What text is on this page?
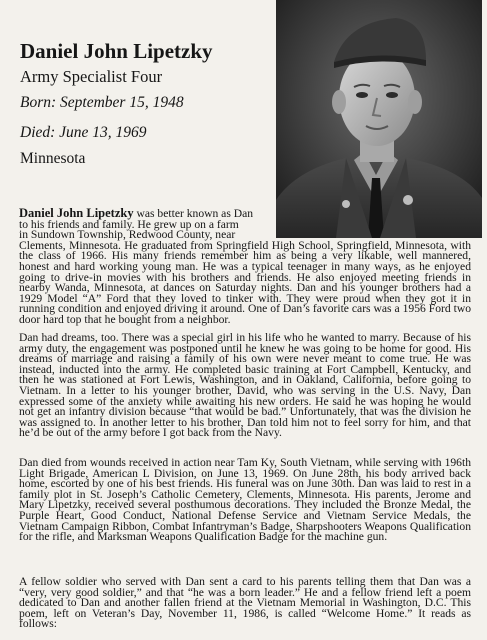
Daniel John Lipetzky
Army Specialist Four
Born: September 15, 1948
Died: June 13, 1969
Minnesota

Daniel John Lipetzky was better known as Dan

to his friends and family. He grew up on a farm

in Sundown Township, Redwood County, near

Clements, Minnesota. He graduated from Springfield High School, Springfield, Minnesota, with the class of 1966. His many friends remember him as being a very likable, well mannered, honest and hard working young man. He was a typical teenager in many ways, as he enjoyed going to drive-in movies with his brothers and friends. He also enjoyed meeting friends in nearby Wanda, Minnesota, at dances on Saturday nights. Dan and his younger brothers had a 1929 Model “A” Ford that they loved to tinker with. They were proud when they got it in running condition and enjoyed driving it around. One of Dan’s favorite cars was a 1956 Ford two door hard top that he bought from a neighbor.

Dan had dreams, too. There was a special girl in his life who he wanted to marry. Because of his army duty, the engagement was postponed until he knew he was going to be home for good. His dreams of marriage and raising a family of his own were never meant to come true. He was instead, inducted into the army. He completed basic training at Fort Campbell, Kentucky, and then he was stationed at Fort Lewis, Washington, and in Oakland, California, before going to Vietnam. In a letter to his younger brother, David, who was serving in the U.S. Navy, Dan expressed some of the anxiety while awaiting his new orders. He said he was hoping he would not get an infantry division because “that would be bad.” Unfortunately, that was the division he was assigned to. In another letter to his brother, Dan told him not to feel sorry for him, and that he’d be out of the army before I got back from the Navy.

Dan died from wounds received in action near Tam Ky, South Vietnam, while serving with 196th Light Brigade, American L Division, on June 13, 1969. On June 28th, his body arrived back home, escorted by one of his best friends. His funeral was on June 30th. Dan was laid to rest in a family plot in St. Joseph’s Catholic Cemetery, Clements, Minnesota. His parents, Jerome and Mary Lipetzky, received several posthumous decorations. They included the Bronze Medal, the Purple Heart, Good Conduct, National Defense Service and Vietnam Service Medals, the Vietnam Campaign Ribbon, Combat Infantryman’s Badge, Sharpshooters Weapons Qualification for the rifle, and Marksman Weapons Qualification Badge for the machine gun.

A fellow soldier who served with Dan sent a card to his parents telling them that Dan was a “very, very good soldier,” and that “he was a born leader.” He and a fellow friend left a poem dedicated to Dan and another fallen friend at the Vietnam Memorial in Washington, D.C. This poem, left on Veteran’s Day, November 11, 1986, is called “Welcome Home.” It reads as follows:
